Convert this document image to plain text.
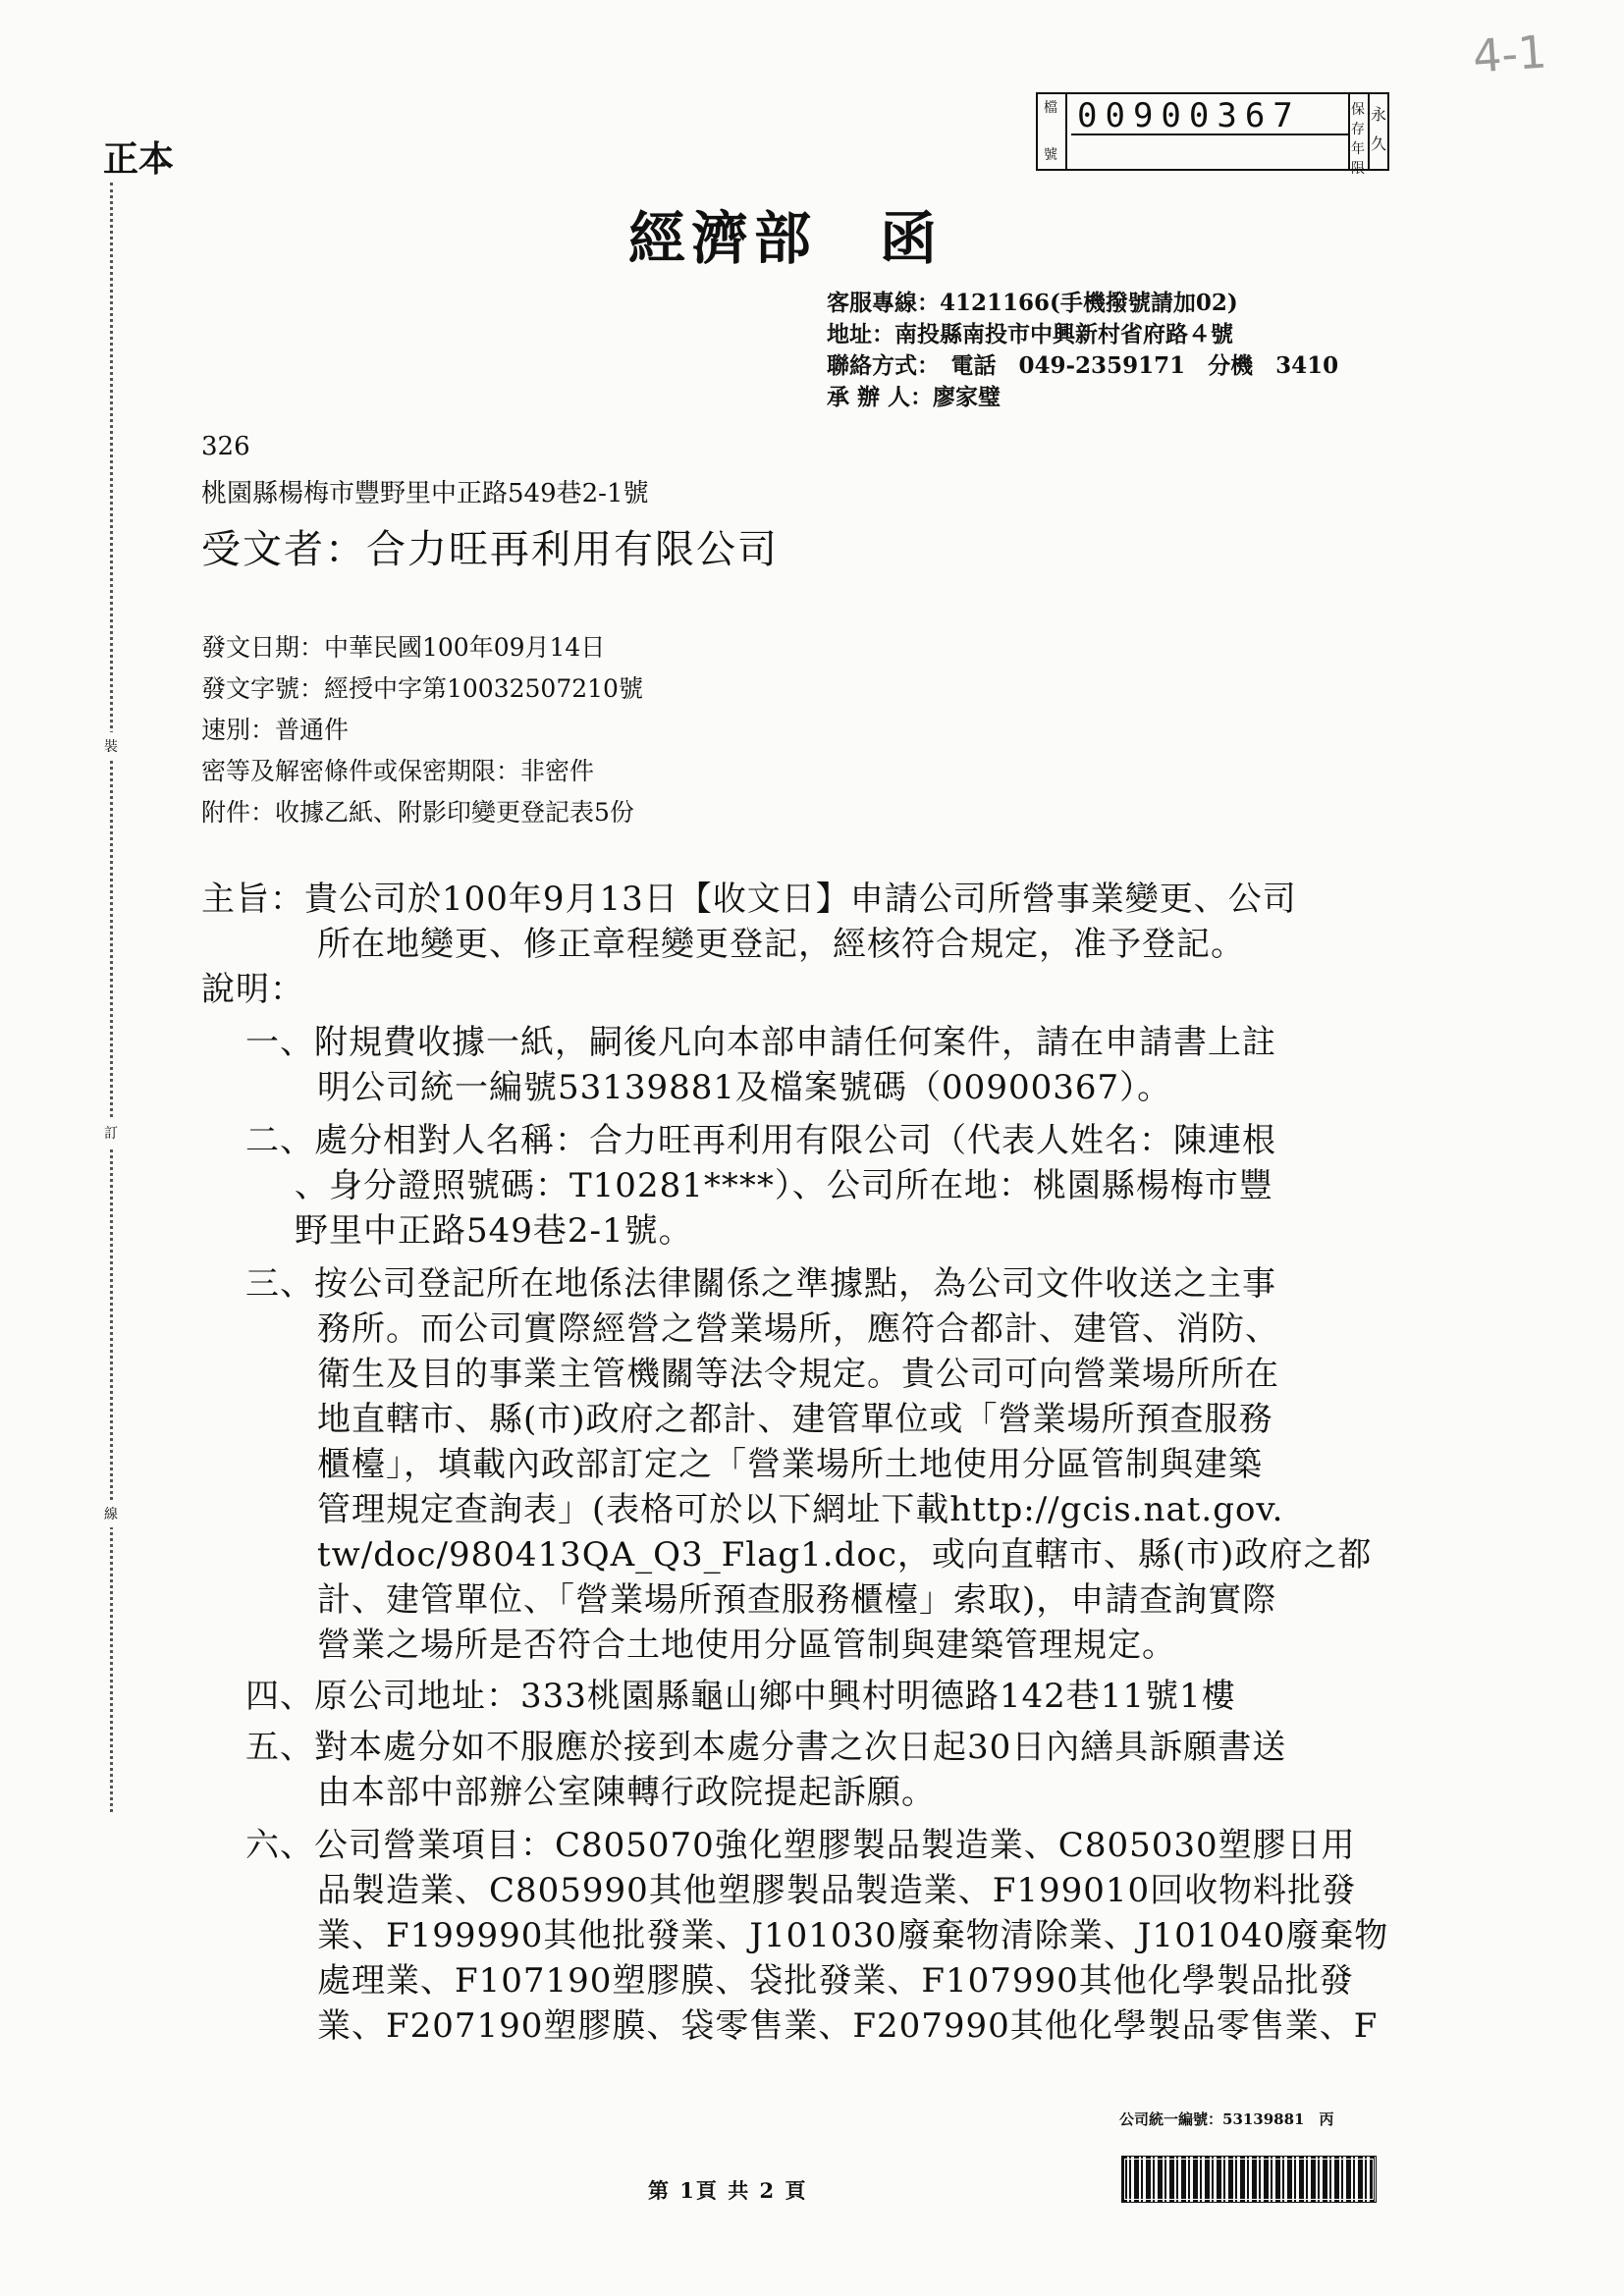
4-1
正本
檔
號
00900367	保存年限
永久
經濟部　函
客服專線：4121166(手機撥號請加02)
地址：南投縣南投市中興新村省府路４號
聯絡方式：　電話　049-2359171　分機　3410
承 辦 人：廖家璧
326
桃園縣楊梅市豐野里中正路549巷2-1號
受文者：合力旺再利用有限公司
發文日期：中華民國100年09月14日
發文字號：經授中字第10032507210號
速別：普通件
密等及解密條件或保密期限：非密件
附件：收據乙紙、附影印變更登記表5份
裝
訂
線
主旨：貴公司於100年9月13日【收文日】申請公司所營事業變更、公司
所在地變更、修正章程變更登記，經核符合規定，准予登記。
說明：
一、附規費收據一紙，嗣後凡向本部申請任何案件，請在申請書上註
明公司統一編號53139881及檔案號碼（00900367）。
二、處分相對人名稱：合力旺再利用有限公司（代表人姓名：陳連根
、身分證照號碼：T10281****）、公司所在地：桃園縣楊梅市豐
野里中正路549巷2-1號。
三、按公司登記所在地係法律關係之準據點，為公司文件收送之主事
務所。而公司實際經營之營業場所，應符合都計、建管、消防、
衛生及目的事業主管機關等法令規定。貴公司可向營業場所所在
地直轄市、縣(市)政府之都計、建管單位或「營業場所預查服務
櫃檯」，填載內政部訂定之「營業場所土地使用分區管制與建築
管理規定查詢表」(表格可於以下網址下載http://gcis.nat.gov.
tw/doc/980413QA_Q3_Flag1.doc，或向直轄市、縣(市)政府之都
計、建管單位、「營業場所預查服務櫃檯」索取)，申請查詢實際
營業之場所是否符合土地使用分區管制與建築管理規定。
四、原公司地址：333桃園縣龜山鄉中興村明德路142巷11號1樓
五、對本處分如不服應於接到本處分書之次日起30日內繕具訴願書送
由本部中部辦公室陳轉行政院提起訴願。
六、公司營業項目：C805070強化塑膠製品製造業、C805030塑膠日用
品製造業、C805990其他塑膠製品製造業、F199010回收物料批發
業、F199990其他批發業、J101030廢棄物清除業、J101040廢棄物
處理業、F107190塑膠膜、袋批發業、F107990其他化學製品批發
業、F207190塑膠膜、袋零售業、F207990其他化學製品零售業、F
公司統一編號：53139881　丙
第 1頁 共 2 頁
